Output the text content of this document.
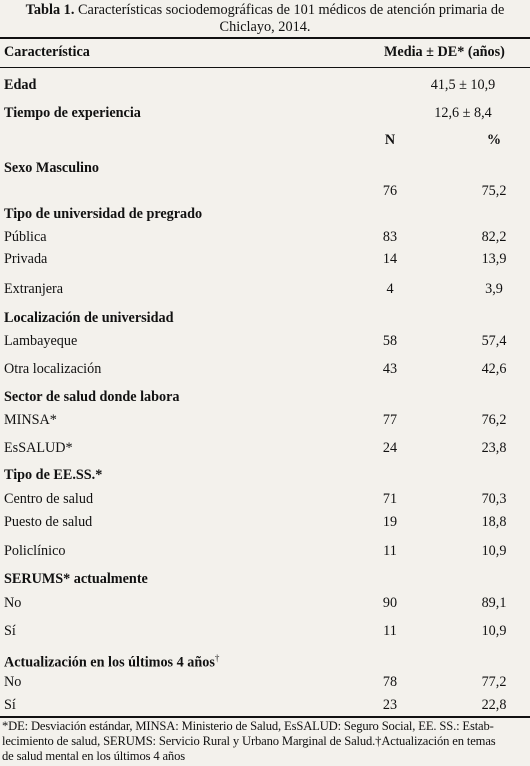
Tabla 1. Características sociodemográficas de 101 médicos de atención primaria de
Chiclayo, 2014.
Característica	Media ± DE* (años)
Edad	41,5 ± 10,9
Tiempo de experiencia	12,6 ± 8,4
N	%
Sexo Masculino
76	75,2
Tipo de universidad de pregrado
Pública	83	82,2
Privada	14	13,9
Extranjera	4	3,9
Localización de universidad
Lambayeque	58	57,4
Otra localización	43	42,6
Sector de salud donde labora
MINSA*	77	76,2
EsSALUD*	24	23,8
Tipo de EE.SS.*
Centro de salud	71	70,3
Puesto de salud	19	18,8
Policlínico	11	10,9
SERUMS* actualmente
No	90	89,1
Sí	11	10,9
Actualización en los últimos 4 años†
No	78	77,2
Sí	23	22,8
*DE: Desviación estándar, MINSA: Ministerio de Salud, EsSALUD: Seguro Social, EE. SS.: Estab-
lecimiento de salud, SERUMS: Servicio Rural y Urbano Marginal de Salud.†Actualización en temas
de salud mental en los últimos 4 años
